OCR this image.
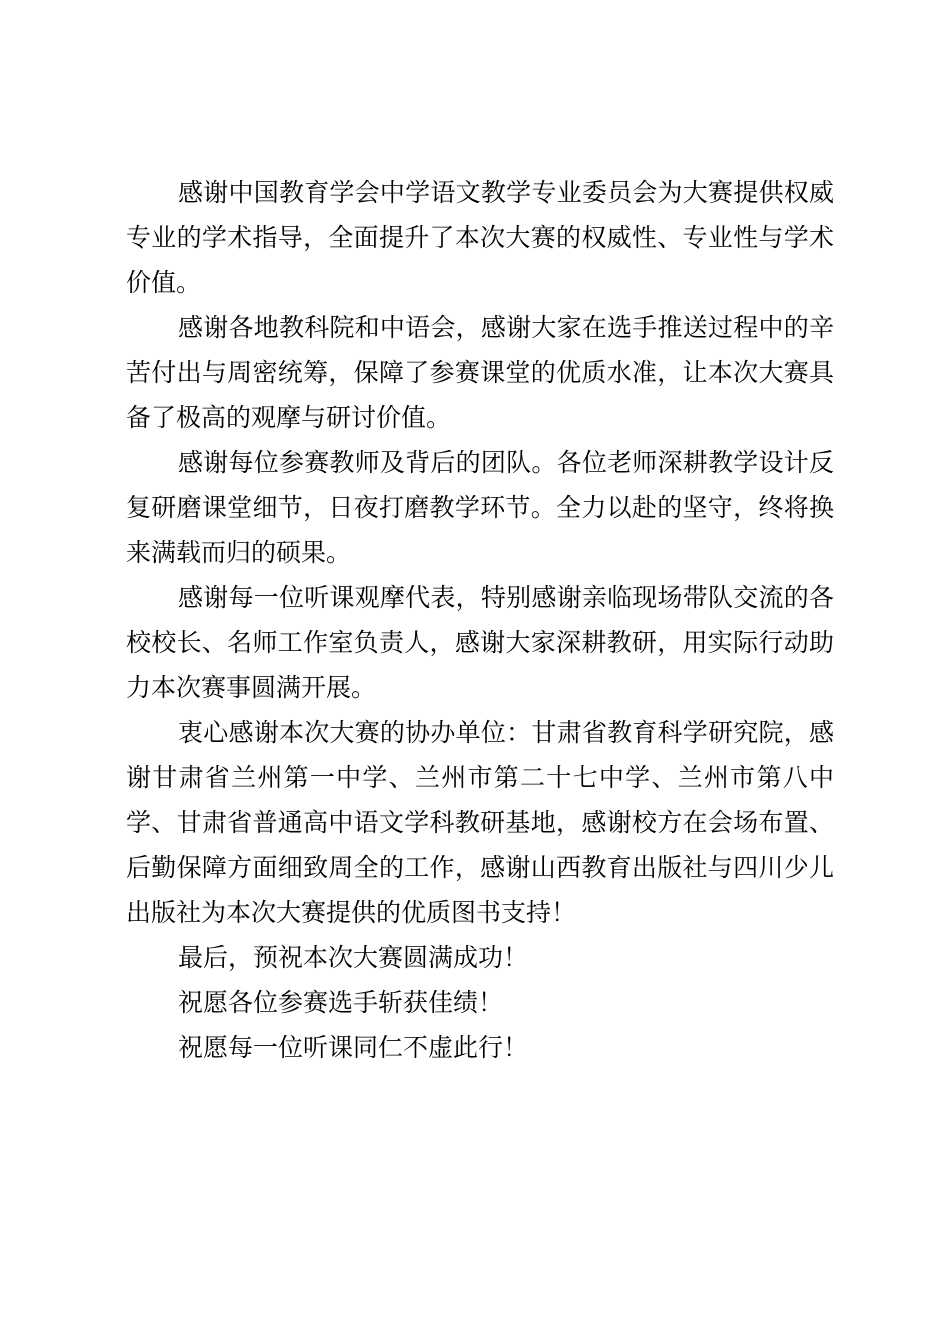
感谢中国教育学会中学语文教学专业委员会为大赛提供权威专业的学术指导，全面提升了本次大赛的权威性、专业性与学术价值。

感谢各地教科院和中语会，感谢大家在选手推送过程中的辛苦付出与周密统筹，保障了参赛课堂的优质水准，让本次大赛具备了极高的观摩与研讨价值。

感谢每位参赛教师及背后的团队。各位老师深耕教学设计反复研磨课堂细节，日夜打磨教学环节。全力以赴的坚守，终将换来满载而归的硕果。

感谢每一位听课观摩代表，特别感谢亲临现场带队交流的各校校长、名师工作室负责人，感谢大家深耕教研，用实际行动助力本次赛事圆满开展。

衷心感谢本次大赛的协办单位：甘肃省教育科学研究院，感谢甘肃省兰州第一中学、兰州市第二十七中学、兰州市第八中学、甘肃省普通高中语文学科教研基地，感谢校方在会场布置、后勤保障方面细致周全的工作，感谢山西教育出版社与四川少儿出版社为本次大赛提供的优质图书支持！

最后，预祝本次大赛圆满成功！

祝愿各位参赛选手斩获佳绩！

祝愿每一位听课同仁不虚此行！
